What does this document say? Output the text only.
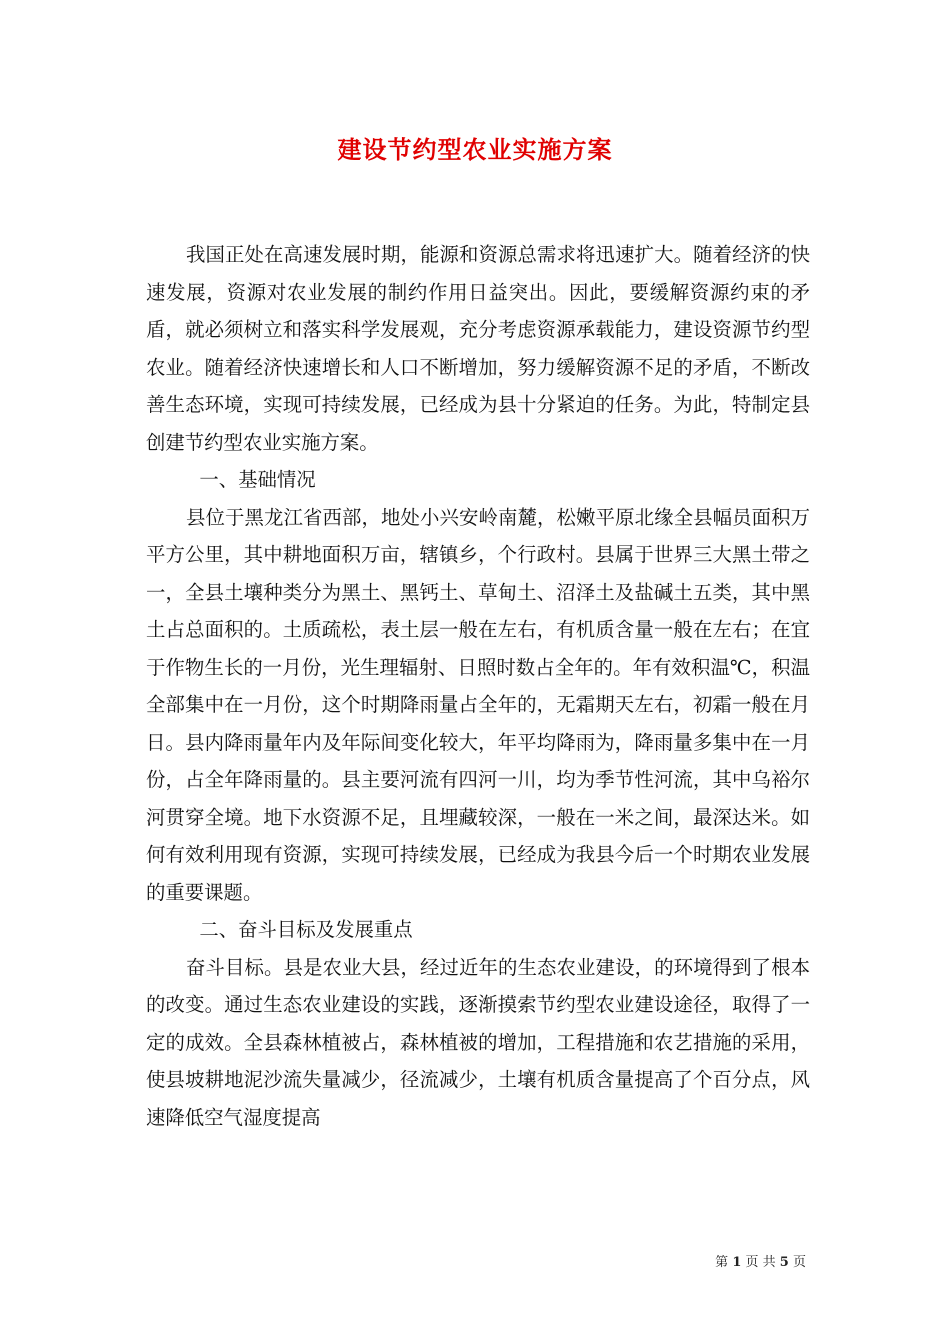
建设节约型农业实施方案

我国正处在高速发展时期，能源和资源总需求将迅速扩大。随着经济的快速发展，资源对农业发展的制约作用日益突出。因此，要缓解资源约束的矛盾，就必须树立和落实科学发展观，充分考虑资源承载能力，建设资源节约型农业。随着经济快速增长和人口不断增加，努力缓解资源不足的矛盾，不断改善生态环境，实现可持续发展，已经成为县十分紧迫的任务。为此，特制定县创建节约型农业实施方案。

一、基础情况

县位于黑龙江省西部，地处小兴安岭南麓，松嫩平原北缘全县幅员面积万平方公里，其中耕地面积万亩，辖镇乡，个行政村。县属于世界三大黑土带之一，全县土壤种类分为黑土、黑钙土、草甸土、沼泽土及盐碱土五类，其中黑土占总面积的。土质疏松，表土层一般在左右，有机质含量一般在左右；在宜于作物生长的一月份，光生理辐射、日照时数占全年的。年有效积温℃，积温全部集中在一月份，这个时期降雨量占全年的，无霜期天左右，初霜一般在月日。县内降雨量年内及年际间变化较大，年平均降雨为，降雨量多集中在一月份，占全年降雨量的。县主要河流有四河一川，均为季节性河流，其中乌裕尔河贯穿全境。地下水资源不足，且埋藏较深，一般在一米之间，最深达米。如何有效利用现有资源，实现可持续发展，已经成为我县今后一个时期农业发展的重要课题。

二、奋斗目标及发展重点

奋斗目标。县是农业大县，经过近年的生态农业建设，的环境得到了根本的改变。通过生态农业建设的实践，逐渐摸索节约型农业建设途径，取得了一定的成效。全县森林植被占，森林植被的增加，工程措施和农艺措施的采用，使县坡耕地泥沙流失量减少，径流减少，土壤有机质含量提高了个百分点，风速降低空气湿度提高

第 1 页 共 5 页
